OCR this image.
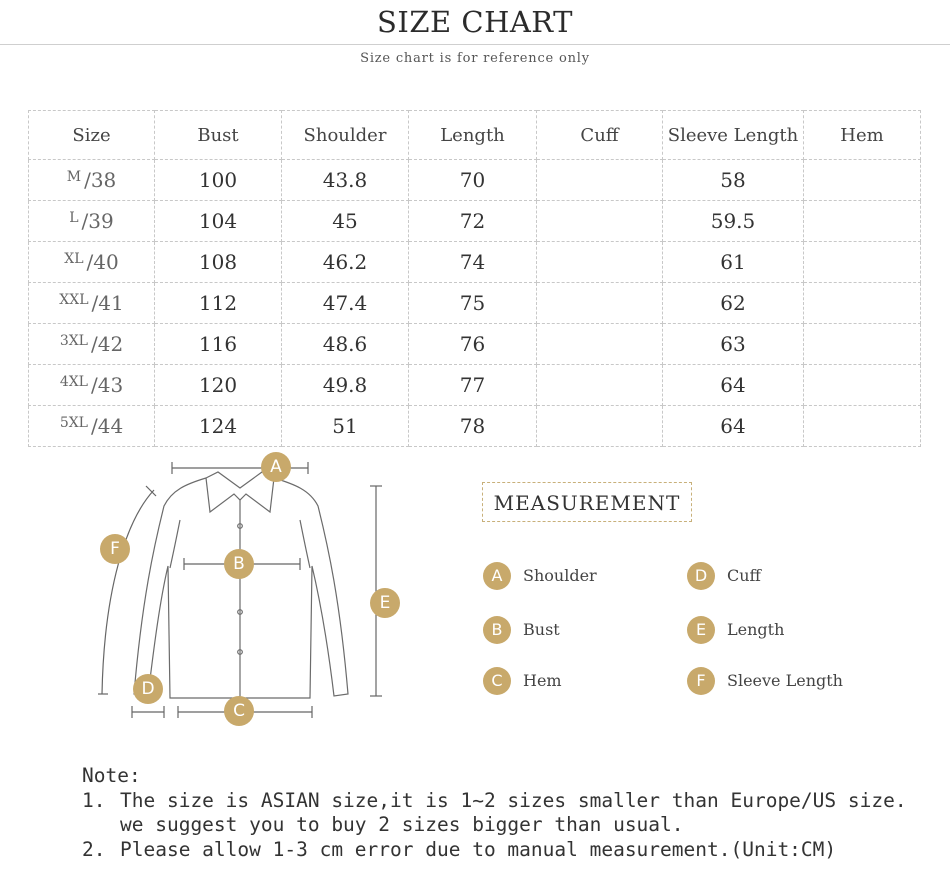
SIZE CHART
Size chart is for reference only
Size	Bust	Shoulder	Length	Cuff	Sleeve Length	Hem
$^M$ /38	100	43.8	70		58	
$^L$ /39	104	45	72		59.5	
$^{XL}$ /40	108	46.2	74		61	
$^{XXL}$ /41	112	47.4	75		62	
$^{3XL}$ /42	116	48.6	76		63	
$^{4XL}$ /43	120	49.8	77		64	
$^{5XL}$ /44	124	51	78		64	
A
B
C
D
E
F
MEASUREMENT
A	Shoulder
B	Bust
C	Hem
D	Cuff
E	Length
F	Sleeve Length
Note:
1. The size is ASIAN size,it is 1~2 sizes smaller than Europe/US size.
we suggest you to buy 2 sizes bigger than usual.
2. Please allow 1-3 cm error due to manual measurement.(Unit:CM)
